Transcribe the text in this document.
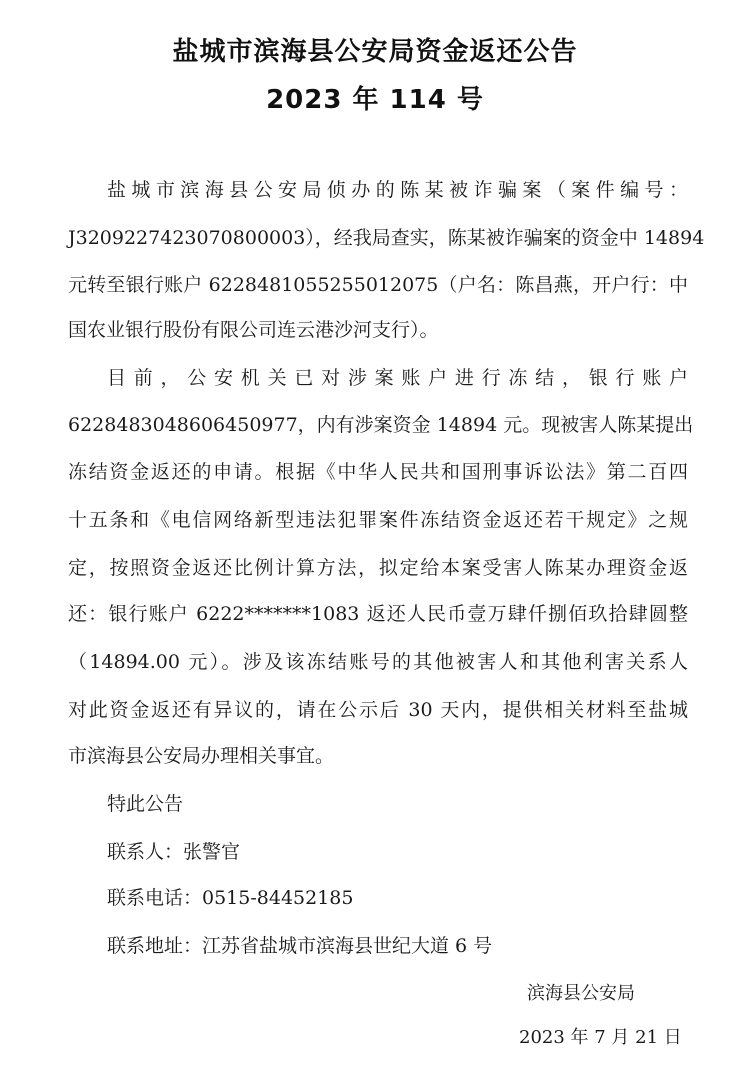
盐城市滨海县公安局资金返还公告
2023 年 114 号
盐城市滨海县公安局侦办的陈某被诈骗案（案件编号：
J3209227423070800003），经我局查实，陈某被诈骗案的资金中 14894
元转至银行账户 6228481055255012075（户名：陈昌燕，开户行：中
国农业银行股份有限公司连云港沙河支行）。
目前，公安机关已对涉案账户进行冻结，银行账户
6228483048606450977，内有涉案资金 14894 元。现被害人陈某提出
冻结资金返还的申请。根据《中华人民共和国刑事诉讼法》第二百四
十五条和《电信网络新型违法犯罪案件冻结资金返还若干规定》之规
定，按照资金返还比例计算方法，拟定给本案受害人陈某办理资金返
还：银行账户 6222*******1083 返还人民币壹万肆仟捌佰玖拾肆圆整
（14894.00 元）。涉及该冻结账号的其他被害人和其他利害关系人
对此资金返还有异议的，请在公示后 30 天内，提供相关材料至盐城
市滨海县公安局办理相关事宜。
特此公告
联系人：张警官
联系电话：0515-84452185
联系地址：江苏省盐城市滨海县世纪大道 6 号
滨海县公安局
2023 年 7 月 21 日
